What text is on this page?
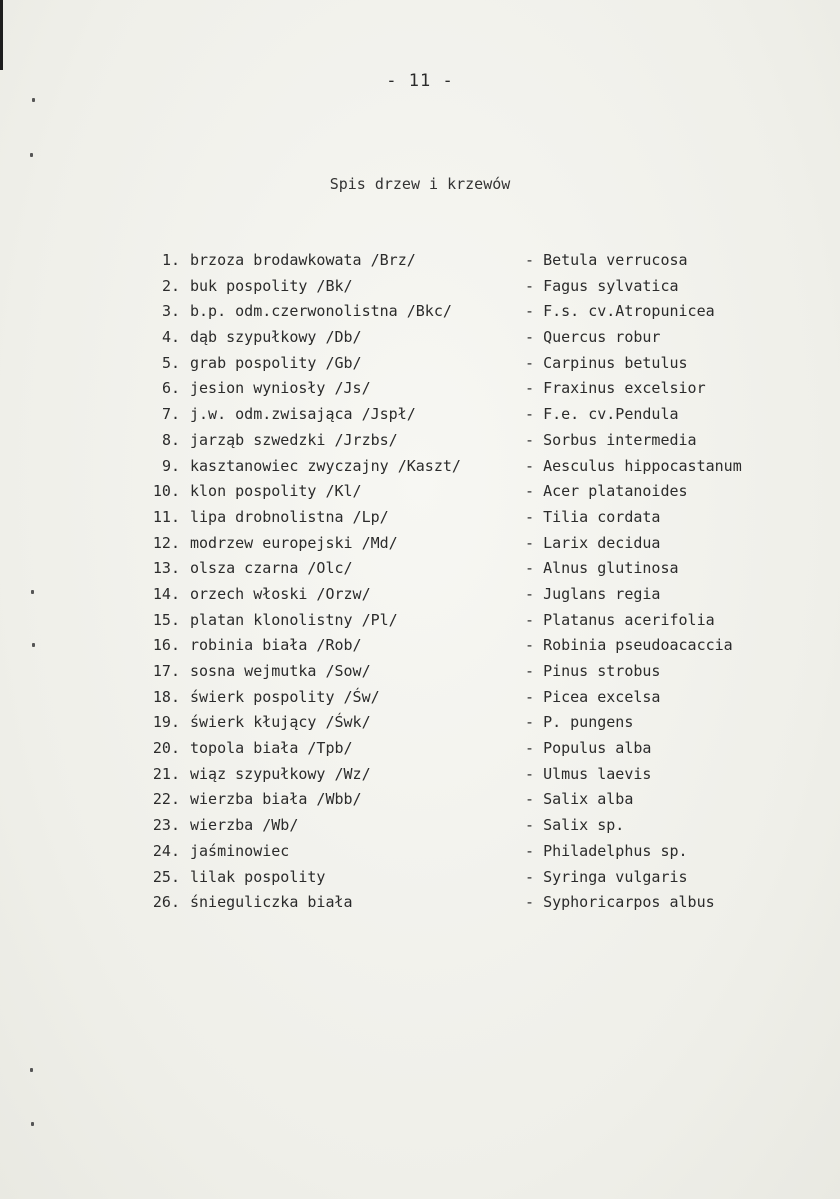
- 11 -
Spis drzew i krzewów
1. brzoza brodawkowata /Brz/	- Betula verrucosa
2. buk pospolity /Bk/	- Fagus sylvatica
3. b.p. odm.czerwonolistna /Bkc/	- F.s. cv.Atropunicea
4. dąb szypułkowy /Db/	- Quercus robur
5. grab pospolity /Gb/	- Carpinus betulus
6. jesion wyniosły /Js/	- Fraxinus excelsior
7. j.w. odm.zwisająca /Jspł/	- F.e. cv.Pendula
8. jarząb szwedzki /Jrzbs/	- Sorbus intermedia
9. kasztanowiec zwyczajny /Kaszt/	- Aesculus hippocastanum
10. klon pospolity /Kl/	- Acer platanoides
11. lipa drobnolistna /Lp/	- Tilia cordata
12. modrzew europejski /Md/	- Larix decidua
13. olsza czarna /Olc/	- Alnus glutinosa
14. orzech włoski /Orzw/	- Juglans regia
15. platan klonolistny /Pl/	- Platanus acerifolia
16. robinia biała /Rob/	- Robinia pseudoacaccia
17. sosna wejmutka /Sow/	- Pinus strobus
18. świerk pospolity /Św/	- Picea excelsa
19. świerk kłujący /Śwk/	- P. pungens
20. topola biała /Tpb/	- Populus alba
21. wiąz szypułkowy /Wz/	- Ulmus laevis
22. wierzba biała /Wbb/	- Salix alba
23. wierzba /Wb/	- Salix sp.
24. jaśminowiec	- Philadelphus sp.
25. lilak pospolity	- Syringa vulgaris
26. śnieguliczka biała	- Syphoricarpos albus
